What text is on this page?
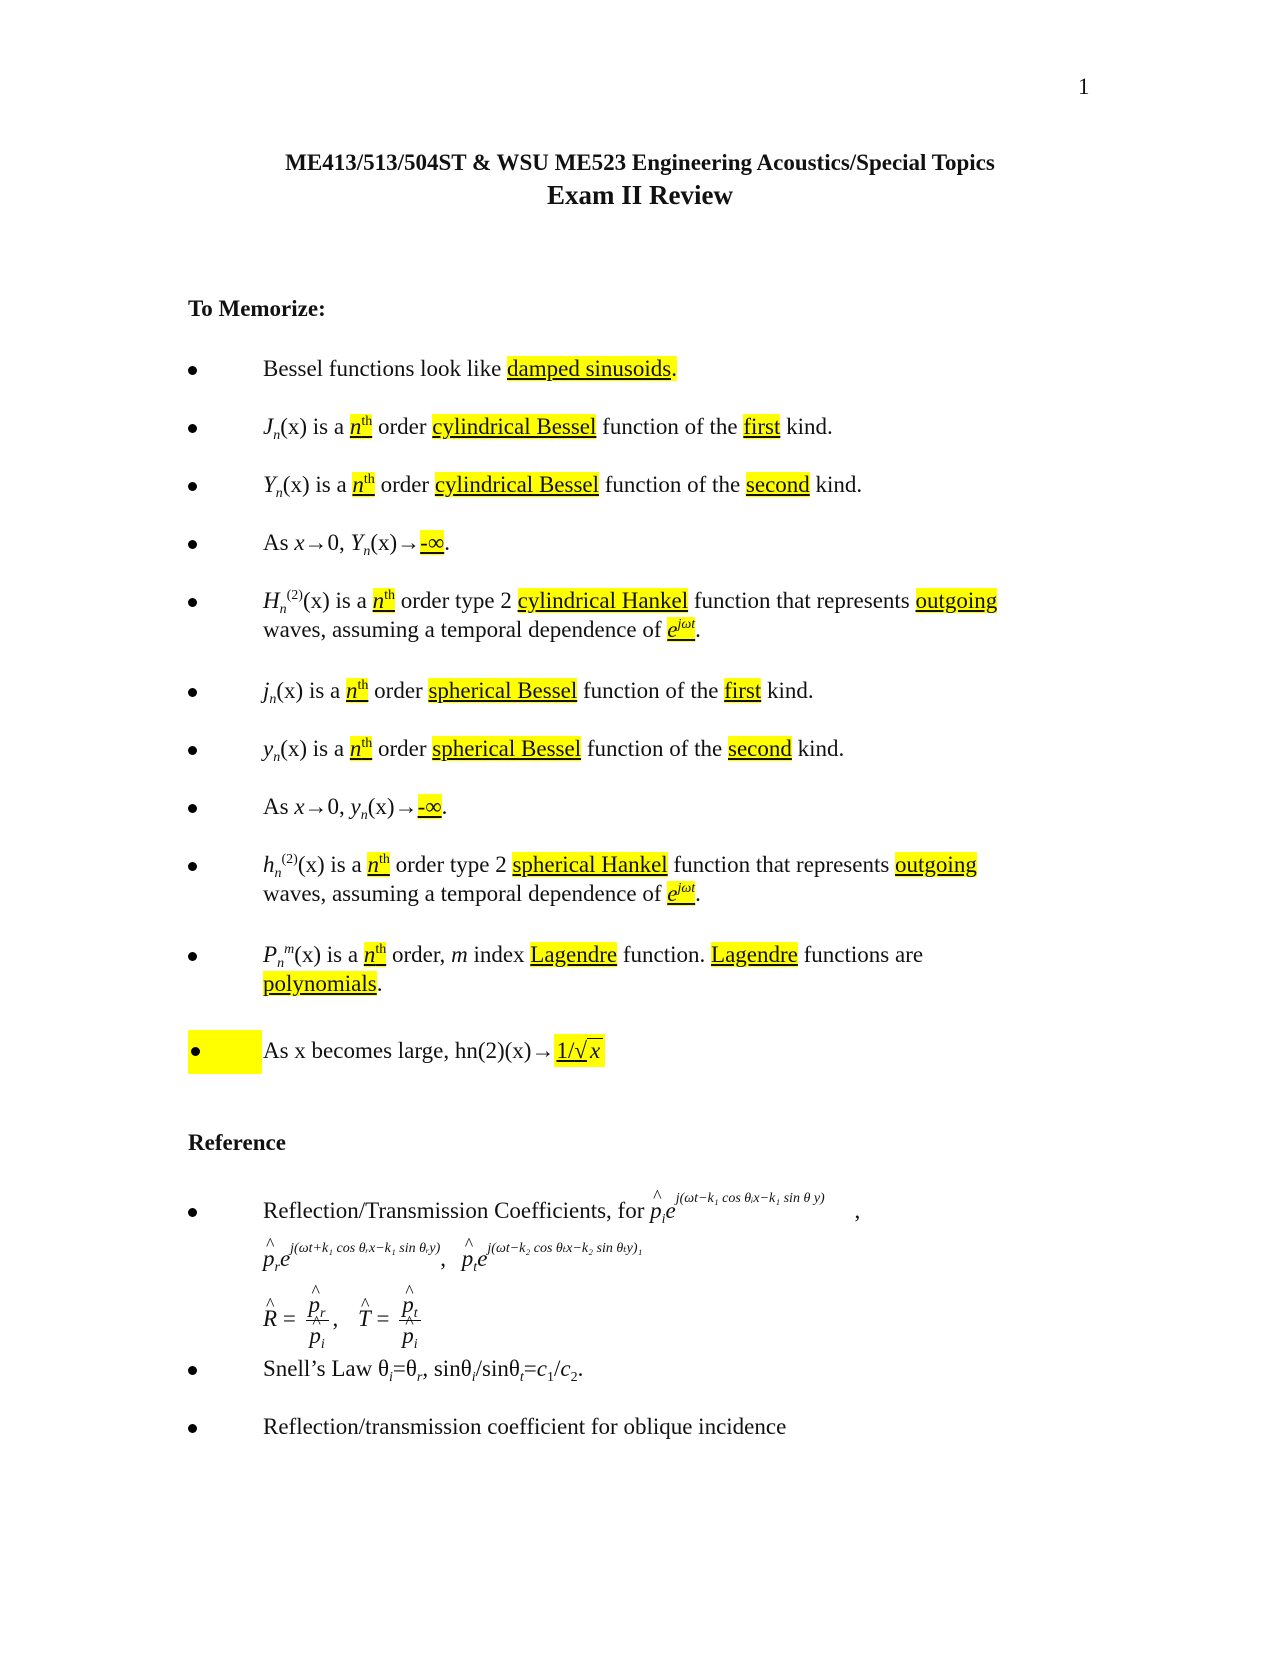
1
ME413/513/504ST & WSU ME523 Engineering Acoustics/Special Topics
Exam II Review
To Memorize:
Bessel functions look like damped sinusoids.
$J_n(x)$ is a $n^{th}$ order cylindrical Bessel function of the first kind.
$Y_n(x)$ is a $n^{th}$ order cylindrical Bessel function of the second kind.
As x→0, $Y_n(x)\to-\infty$.
$H_n^{(2)}(x)$ is a $n^{th}$ order type 2 cylindrical Hankel function that represents outgoing
waves, assuming a temporal dependence of $e^{j\omega t}$.
$j_n(x)$ is a $n^{th}$ order spherical Bessel function of the first kind.
$y_n(x)$ is a $n^{th}$ order spherical Bessel function of the second kind.
As x→0, $y_n(x)\to-\infty$.
$h_n^{(2)}(x)$ is a $n^{th}$ order type 2 spherical Hankel function that represents outgoing
waves, assuming a temporal dependence of $e^{j\omega t}$.
$P_n^m(x)$ is a $n^{th}$ order, m index Lagendre function. Lagendre functions are
polynomials.
As x becomes large, hn(2)(x)→1/√ x
Reference
Reflection/Transmission Coefficients, for ^ $p_ie^{j(\omega t-k_1 cos \theta ᵢx-k_1 sin \theta y)}$ ,
^ $p_re^{j(\omega t+k_1 cos \theta ᵣx-k_1 sin \theta ᵣy)}$, ^ $p_te^{j(\omega t-k_2 cos \theta_tx-k_2 sin \theta_ty)_1}$
^ R = ^ $p_r$
^ $p_i$ , ^ T = ^ $p_t$
^ $p_i$
Snell’s Law $\theta_i=\theta_r$, $\sin\theta_i/\sin\theta_t=c_1/c_2$.
Reflection/transmission coefficient for oblique incidence
